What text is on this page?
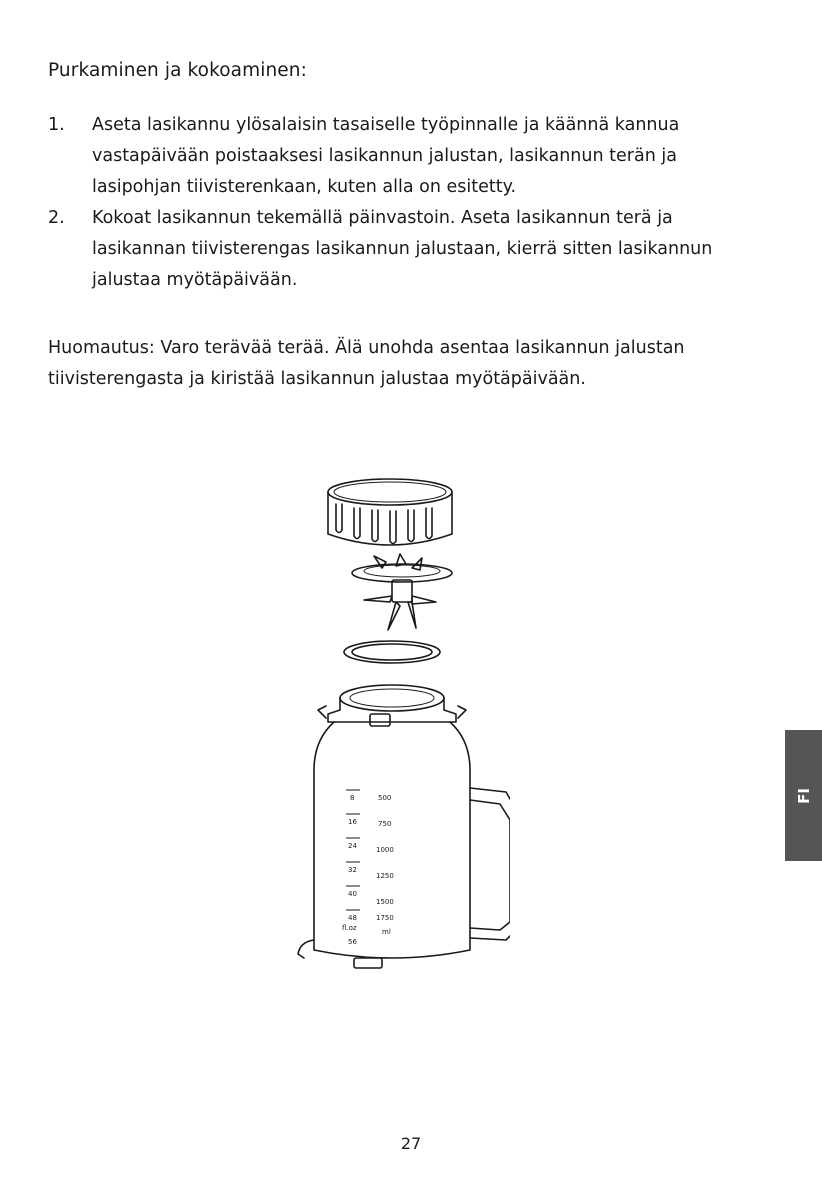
Purkaminen ja kokoaminen:
1 .	Aseta lasikannu ylösalaisin tasaiselle työpinnalle ja käännä kannua vastapäivään poistaaksesi lasikannun jalustan, lasikannun terän ja lasipohjan tiivisterenkaan, kuten alla on esitetty.
2 .	Kokoat lasikannun tekemällä päinvastoin. Aseta lasikannun terä ja lasikannan tiivisterengas lasikannun jalustaan, kierrä sitten lasikannun jalustaa myötäpäivään.

Huomautus: Varo terävää terää. Älä unohda asentaa lasikannun jalustan tiivisterengasta ja kiristää lasikannun jalustaa myötäpäivään.

8
16
24
32
40
48
56
fl.oz
500
750
1000
1250
1500
1750
ml
FI
27
